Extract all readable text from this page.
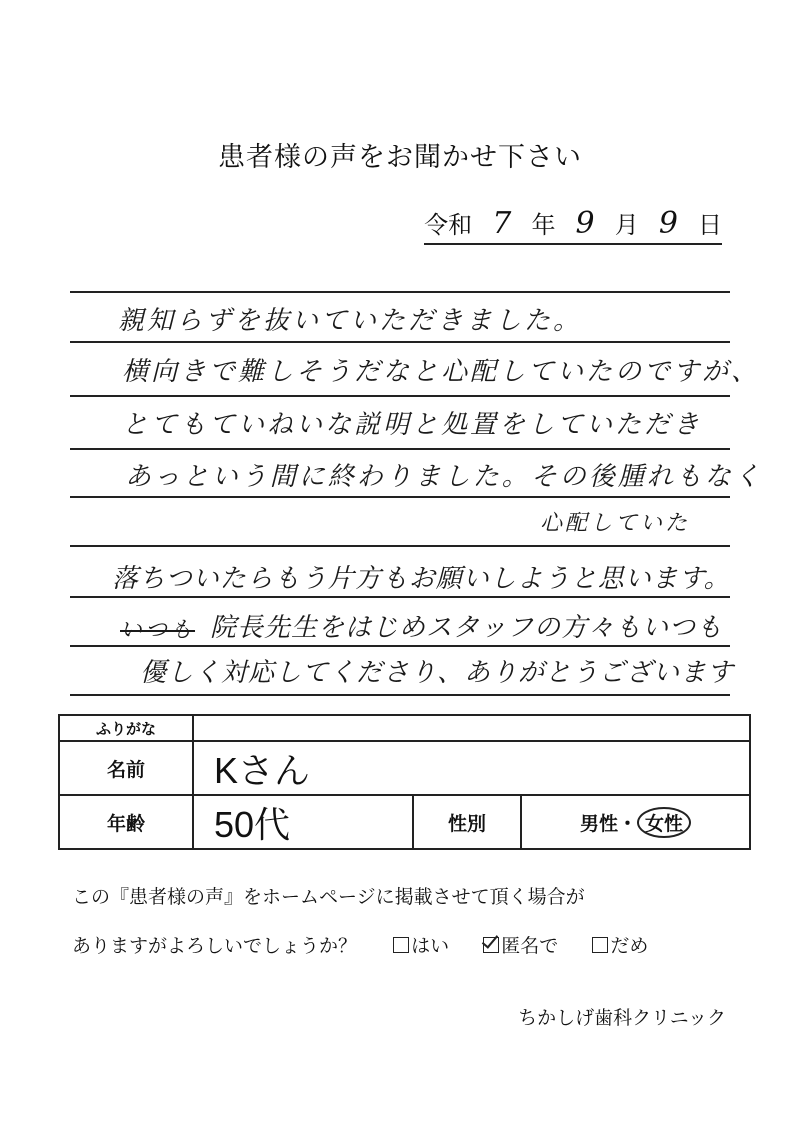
患者様の声をお聞かせ下さい
令和 7 年 9 月 9 日
親知らずを抜いていただきました。
横向きで難しそうだなと心配していたのですが、
とてもていねいな説明と処置をしていただき
あっという間に終わりました。その後腫れもなく
心配していた
落ちついたらもう片方もお願いしようと思います。
いつも 院長先生をはじめスタッフの方々もいつも
優しく対応してくださり、ありがとうございます
ふりがな			
名前	Kさん		
年齢	50代	性別	男性・ 女性
この『患者様の声』をホームページに掲載させて頂く場合が
ありますがよろしいでしょうか？	はい	匿名で	だめ
ちかしげ歯科クリニック
